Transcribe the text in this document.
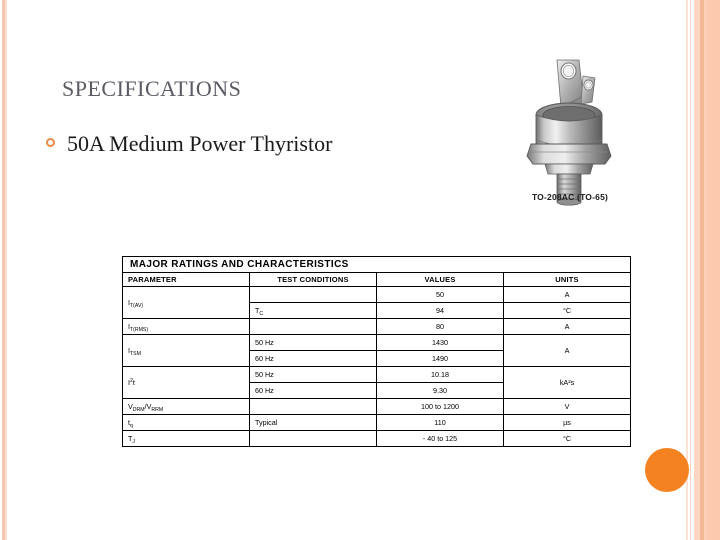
specifications
50A Medium Power Thyristor
TO-208AC (TO-65)
MAJOR RATINGS AND CHARACTERISTICS			
PARAMETER	TEST CONDITIONS	VALUES	UNITS
$I_{T(AV)}$		50	A
	$T_C$	94	°C
$I_{T(RMS)}$		80	A
$I_{TSM}$	50 Hz	1430	A
	60 Hz	1490	
$I^2t$	50 Hz	10.18	kA²s
	60 Hz	9.30	
$V_{DRM}/V_{RRM}$		100 to 1200	V
$t_q$	Typical	110	µs
$T_J$		- 40 to 125	°C
